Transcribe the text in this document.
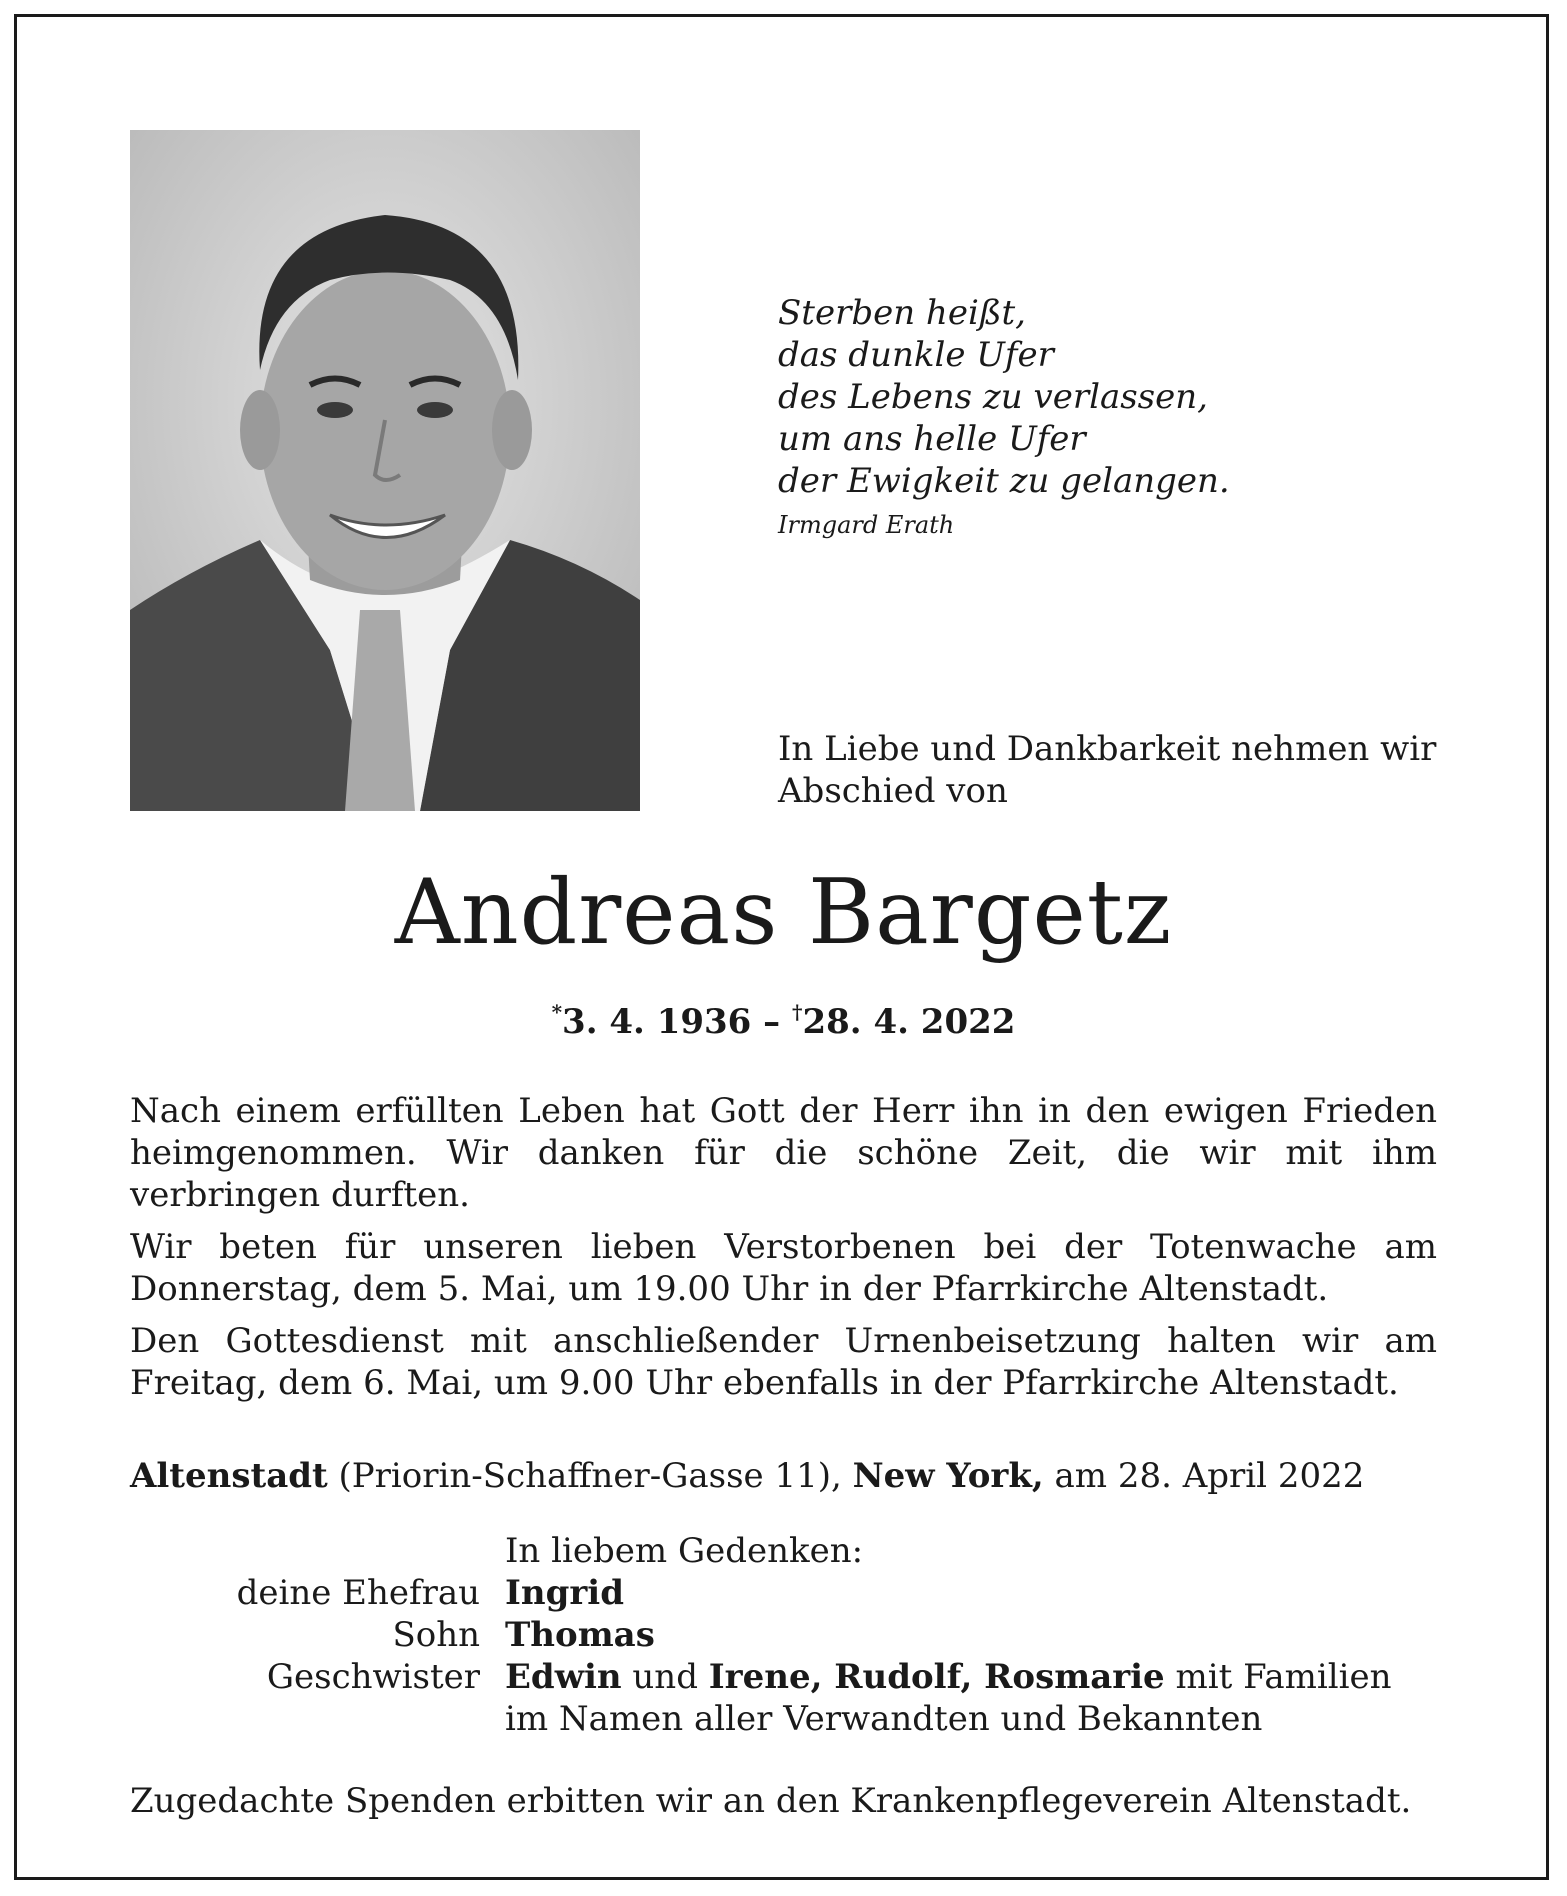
Sterben heißt,
das dunkle Ufer
des Lebens zu verlassen,
um ans helle Ufer
der Ewigkeit zu gelangen.
Irmgard Erath
In Liebe und Dankbarkeit nehmen wir
Abschied von
Andreas Bargetz
*3. 4. 1936 – †28. 4. 2022

Nach einem erfüllten Leben hat Gott der Herr ihn in den ewigen Frieden heimgenommen. Wir danken für die schöne Zeit, die wir mit ihm verbringen durften.

Wir beten für unseren lieben Verstorbenen bei der Totenwache am Donnerstag, dem 5. Mai, um 19.00 Uhr in der Pfarrkirche Altenstadt.

Den Gottesdienst mit anschließender Urnenbeisetzung halten wir am Freitag, dem 6. Mai, um 9.00 Uhr ebenfalls in der Pfarrkirche Altenstadt.

Altenstadt (Priorin-Schaffner-Gasse 11), New York, am 28. April 2022
In liebem Gedenken:
deine Ehefrau Ingrid
Sohn Thomas
Geschwister Edwin und Irene, Rudolf, Rosmarie mit Familien
im Namen aller Verwandten und Bekannten
Zugedachte Spenden erbitten wir an den Krankenpflegeverein Altenstadt.
